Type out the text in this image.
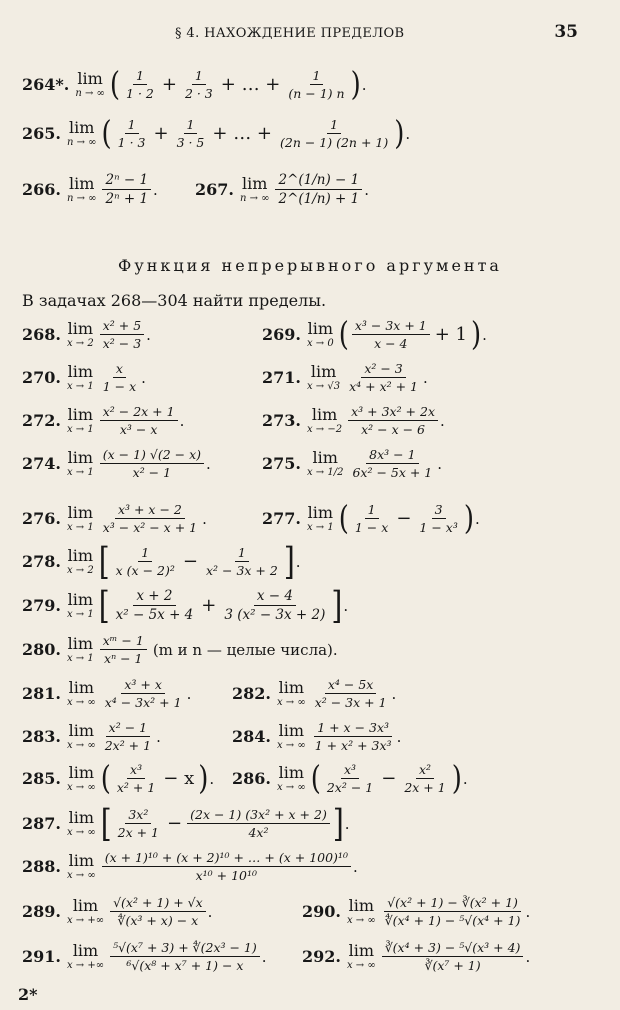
§ 4. НАХОЖДЕНИЕ ПРЕДЕЛОВ	35
264*. lim
n → ∞ ( $\frac{1}{1 \cdot 2} + \frac{1}{2 \cdot 3}$ + … + $\frac{1}{(n - 1) n}$ ) .
265. lim
n → ∞ ( $\frac{1}{1 \cdot 3} + \frac{1}{3 \cdot 5}$ + … + $\frac{1}{(2n - 1) (2n + 1)}$ ) .
266. lim
n → ∞ $\frac{\text{2ⁿ − 1}}{\text{2ⁿ + 1}}$ . 267. lim
n → ∞ $\frac{2\^{}(1/n) - 1}{2\^{}(1/n) + 1}$ .
Функция непрерывного аргумента
В задачах 268—304 найти пределы.
268. lim
$x \to 2 \frac{\text{x² + 5}}{\text{x² − 3}}$ .	269. lim
x → 0 ( $\frac{\text{x³ − 3x + 1}}{x - 4} + 1$ ) .
270. lim
$x \to 1 \frac{x}{1 - x}$ .	271. lim
$x \to √3 \frac{\text{x² − 3}}{\text{x⁴ + x² + 1}}$ .
272. lim
$x \to 1 \frac{\text{x² − 2x + 1}}{\text{x³ − x}}$ .	273. lim
$x \to -2 \frac{\text{x³ + 3x² + 2x}}{\text{x² − x − 6}}$ .
274. lim
$x \to 1 \frac{(x - 1) √(2 - x)}{\text{x² − 1}}$ .	275. lim
$x \to 1/2 \frac{\text{8x³ − 1}}{\text{6x² − 5x + 1}}$ .
276. lim
$x \to 1 \frac{\text{x³ + x − 2}}{\text{x³ − x² − x + 1}}$ .	277. lim
x → 1 ( $\frac{1}{1 - x} - \frac{3}{\text{1 − x³}}$ ) .
278. lim
x → 2 [ $\frac{1}{\text{x (x − 2)²}} - \frac{1}{\text{x² − 3x + 2}}$ ] .
279. lim
x → 1 [ $\frac{x + 2}{\text{x² − 5x + 4}} + \frac{x - 4}{\text{3 (x² − 3x + 2)}}$ ] .
280. lim
$x \to 1 \frac{\text{xᵐ − 1}}{\text{xⁿ − 1}} (m$ и n — целые числа).
281. lim
x → ∞ $\frac{\text{x³ + x}}{\text{x⁴ − 3x² + 1}}$ .	282. lim
x → ∞ $\frac{\text{x⁴ − 5x}}{\text{x² − 3x + 1}}$ .
283. lim
x → ∞ $\frac{\text{x² − 1}}{\text{2x² + 1}}$ .	284. lim
x → ∞ $\frac{\text{1 + x − 3x³}}{\text{1 + x² + 3x³}}$ .
285. lim
x → ∞ ( $\frac{\text{x³}}{\text{x² + 1}} - x$ ) . 286. lim
x → ∞ ( $\frac{\text{x³}}{\text{2x² − 1}} - \frac{\text{x²}}{2x + 1}$ ) .
287. lim
x → ∞ [ $\frac{\text{3x²}}{2x + 1} - \frac{\text{(2x − 1) (3x² + x + 2)}}{\text{4x²}}$ ] .
288. lim
x → ∞ $\frac{\text{(x + 1)¹⁰ + (x + 2)¹⁰ + … + (x + 100)¹⁰}}{\text{x¹⁰ + 10¹⁰}}$ .
289. lim
x → +∞ $\frac{\text{√(x² + 1) + √x}}{\text{∜(x³ + x) − x}}$ .	290. lim
x → ∞ $\frac{\text{√(x² + 1) − ∛(x² + 1)}}{\text{∜(x⁴ + 1) − ⁵√(x⁴ + 1)}}$ .
291. lim
x → +∞ $\frac{\text{⁵√(x⁷ + 3) + ∜(2x³ − 1)}}{\text{⁶√(x⁸ + x⁷ + 1) − x}}$ . 292. lim
x → ∞ $\frac{\text{∛(x⁴ + 3) − ⁵√(x³ + 4)}}{\text{∛(x⁷ + 1)}}$ .
2*
